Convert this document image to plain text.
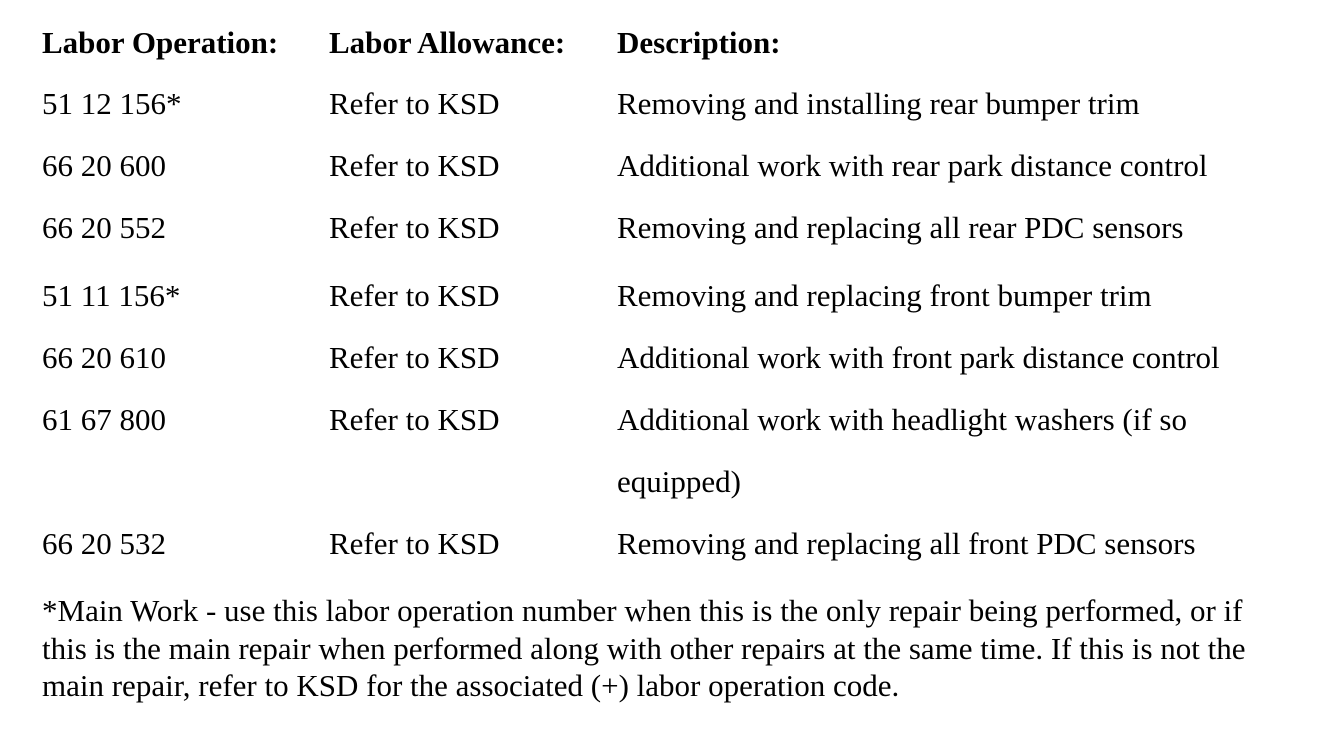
Labor Operation: Labor Allowance: Description:
51 12 156*	Refer to KSD	Removing and installing rear bumper trim
66 20 600	Refer to KSD	Additional work with rear park distance control
66 20 552	Refer to KSD	Removing and replacing all rear PDC sensors
51 11 156*	Refer to KSD	Removing and replacing front bumper trim
66 20 610	Refer to KSD	Additional work with front park distance control
61 67 800	Refer to KSD	Additional work with headlight washers (if so equipped)
66 20 532	Refer to KSD	Removing and replacing all front PDC sensors
*Main Work - use this labor operation number when this is the only repair being performed, or if this is the main repair when performed along with other repairs at the same time. If this is not the main repair, refer to KSD for the associated (+) labor operation code.
